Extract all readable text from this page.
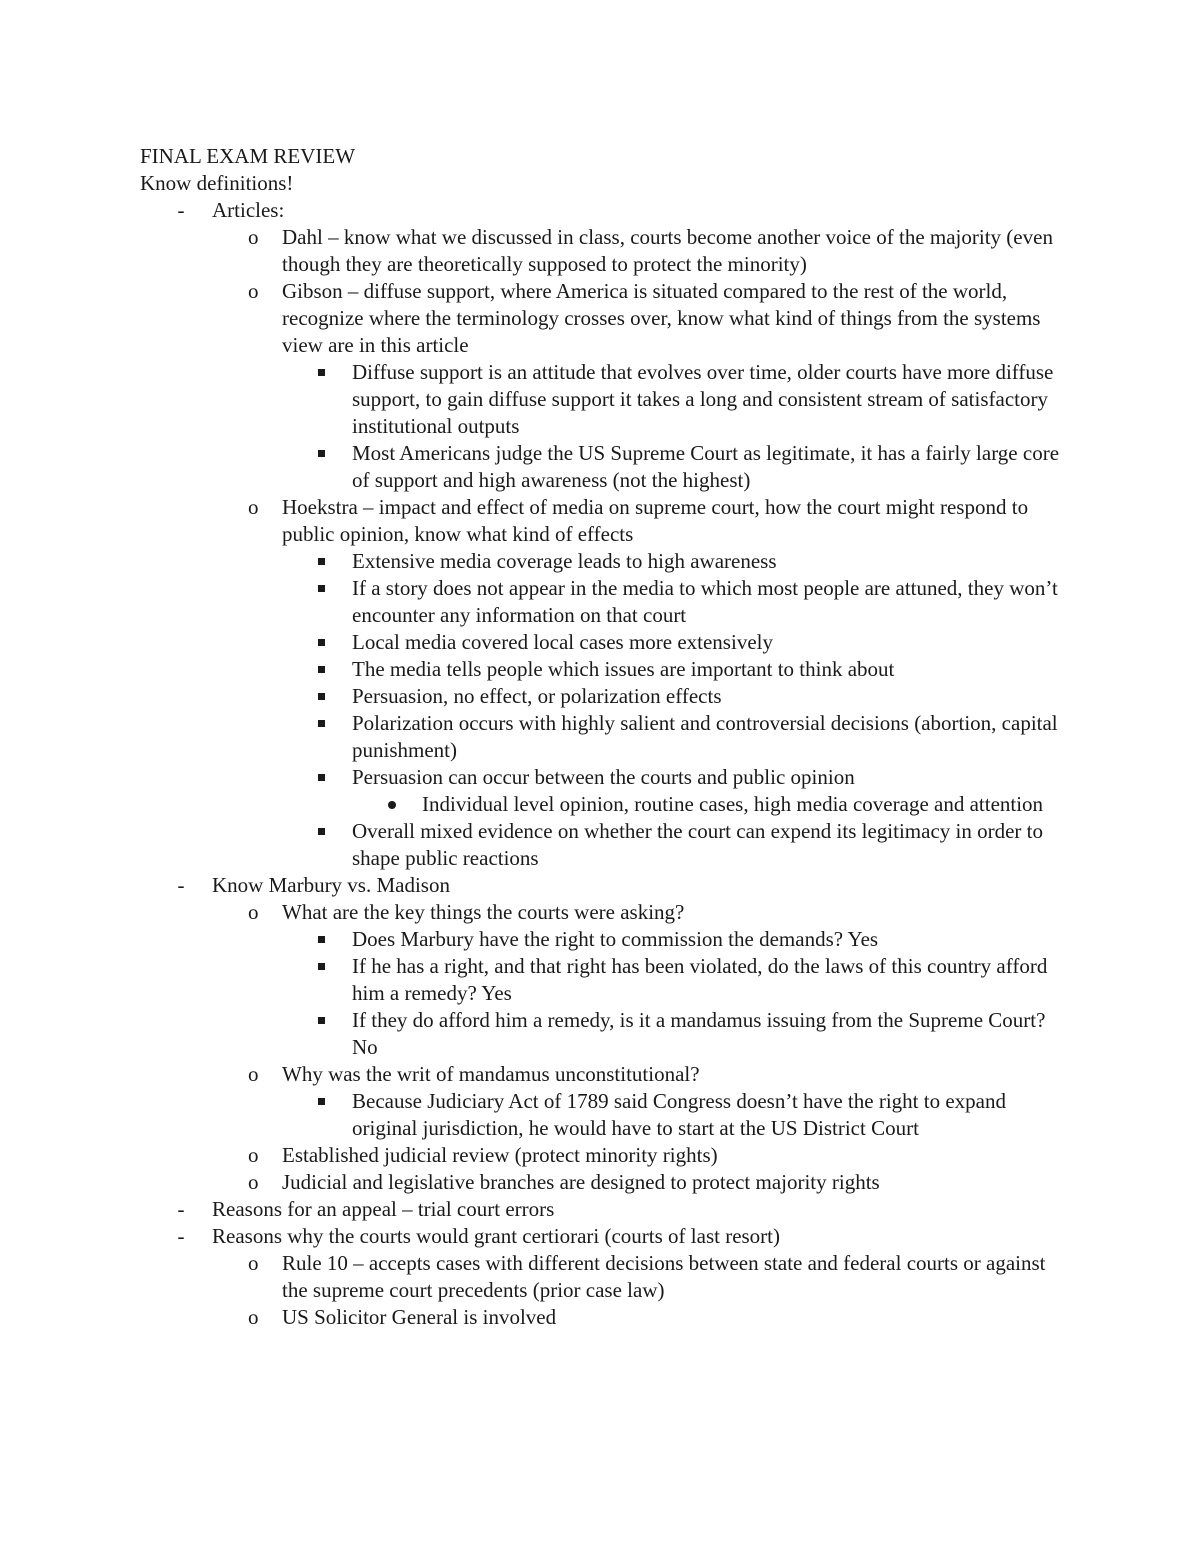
FINAL EXAM REVIEW
Know definitions!
- Articles:
o Dahl – know what we discussed in class, courts become another voice of the majority (even though they are theoretically supposed to protect the minority)
o Gibson – diffuse support, where America is situated compared to the rest of the world, recognize where the terminology crosses over, know what kind of things from the systems view are in this article
Diffuse support is an attitude that evolves over time, older courts have more diffuse support, to gain diffuse support it takes a long and consistent stream of satisfactory institutional outputs
Most Americans judge the US Supreme Court as legitimate, it has a fairly large core of support and high awareness (not the highest)
o Hoekstra – impact and effect of media on supreme court, how the court might respond to public opinion, know what kind of effects
Extensive media coverage leads to high awareness
If a story does not appear in the media to which most people are attuned, they won’t encounter any information on that court
Local media covered local cases more extensively
The media tells people which issues are important to think about
Persuasion, no effect, or polarization effects
Polarization occurs with highly salient and controversial decisions (abortion, capital punishment)
Persuasion can occur between the courts and public opinion
Individual level opinion, routine cases, high media coverage and attention
Overall mixed evidence on whether the court can expend its legitimacy in order to shape public reactions
- Know Marbury vs. Madison
o What are the key things the courts were asking?
Does Marbury have the right to commission the demands? Yes
If he has a right, and that right has been violated, do the laws of this country afford him a remedy? Yes
If they do afford him a remedy, is it a mandamus issuing from the Supreme Court? No
o Why was the writ of mandamus unconstitutional?
Because Judiciary Act of 1789 said Congress doesn’t have the right to expand original jurisdiction, he would have to start at the US District Court
o Established judicial review (protect minority rights)
o Judicial and legislative branches are designed to protect majority rights
- Reasons for an appeal – trial court errors
- Reasons why the courts would grant certiorari (courts of last resort)
o Rule 10 – accepts cases with different decisions between state and federal courts or against the supreme court precedents (prior case law)
o US Solicitor General is involved
